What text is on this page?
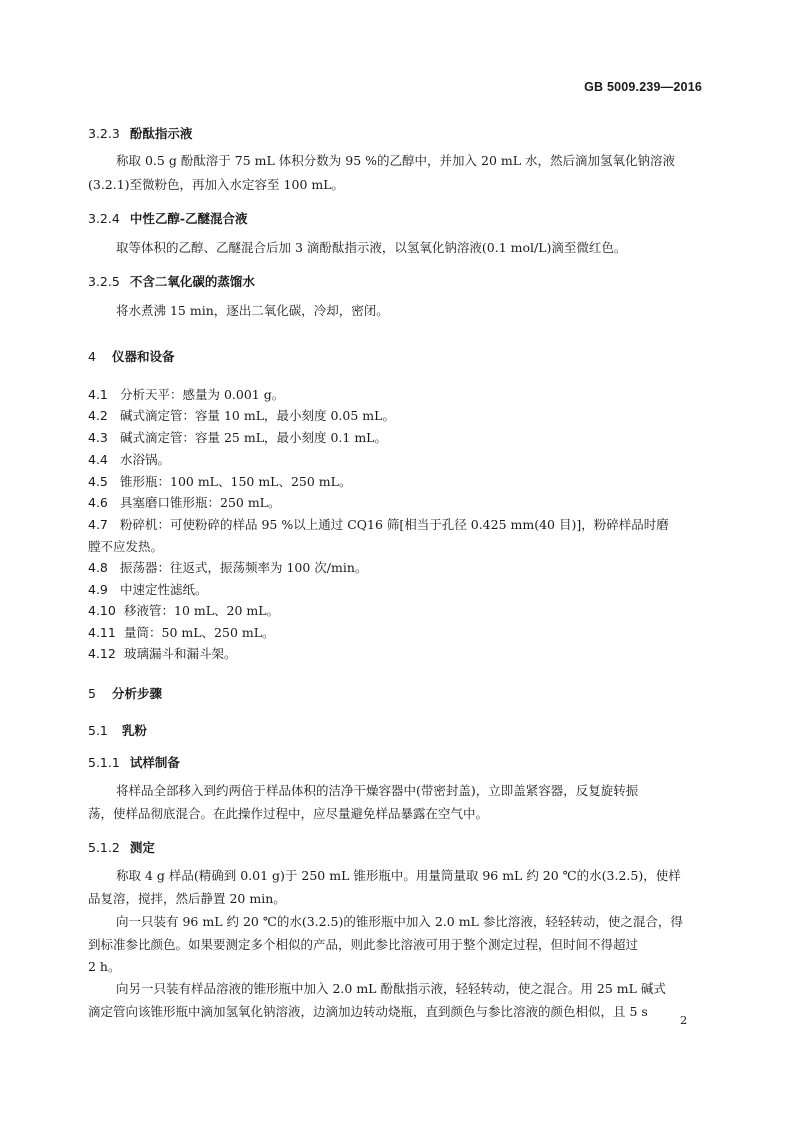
GB 5009.239—2016
3.2.3 酚酞指示液
称取 0.5 g 酚酞溶于 75 mL 体积分数为 95 %的乙醇中，并加入 20 mL 水，然后滴加氢氧化钠溶液
(3.2.1)至微粉色，再加入水定容至 100 mL。
3.2.4 中性乙醇-乙醚混合液
取等体积的乙醇、乙醚混合后加 3 滴酚酞指示液，以氢氧化钠溶液(0.1 mol/L)滴至微红色。
3.2.5 不含二氧化碳的蒸馏水
将水煮沸 15 min，逐出二氧化碳，冷却，密闭。
4 仪器和设备
4.1 分析天平：感量为 0.001 g。
4.2 碱式滴定管：容量 10 mL，最小刻度 0.05 mL。
4.3 碱式滴定管：容量 25 mL，最小刻度 0.1 mL。
4.4 水浴锅。
4.5 锥形瓶：100 mL、150 mL、250 mL。
4.6 具塞磨口锥形瓶：250 mL。
4.7 粉碎机：可使粉碎的样品 95 %以上通过 CQ16 筛[相当于孔径 0.425 mm(40 目)]，粉碎样品时磨
膛不应发热。
4.8 振荡器：往返式，振荡频率为 100 次/min。
4.9 中速定性滤纸。
4.10 移液管：10 mL、20 mL。
4.11 量筒：50 mL、250 mL。
4.12 玻璃漏斗和漏斗架。
5 分析步骤
5.1 乳粉
5.1.1 试样制备
将样品全部移入到约两倍于样品体积的洁净干燥容器中(带密封盖)，立即盖紧容器，反复旋转振
荡，使样品彻底混合。在此操作过程中，应尽量避免样品暴露在空气中。
5.1.2 测定
称取 4 g 样品(精确到 0.01 g)于 250 mL 锥形瓶中。用量筒量取 96 mL 约 20 ℃的水(3.2.5)，使样
品复溶，搅拌，然后静置 20 min。
向一只装有 96 mL 约 20 ℃的水(3.2.5)的锥形瓶中加入 2.0 mL 参比溶液，轻轻转动，使之混合，得
到标准参比颜色。如果要测定多个相似的产品，则此参比溶液可用于整个测定过程，但时间不得超过
2 h。
向另一只装有样品溶液的锥形瓶中加入 2.0 mL 酚酞指示液，轻轻转动，使之混合。用 25 mL 碱式
滴定管向该锥形瓶中滴加氢氧化钠溶液，边滴加边转动烧瓶，直到颜色与参比溶液的颜色相似，且 5 s
2
